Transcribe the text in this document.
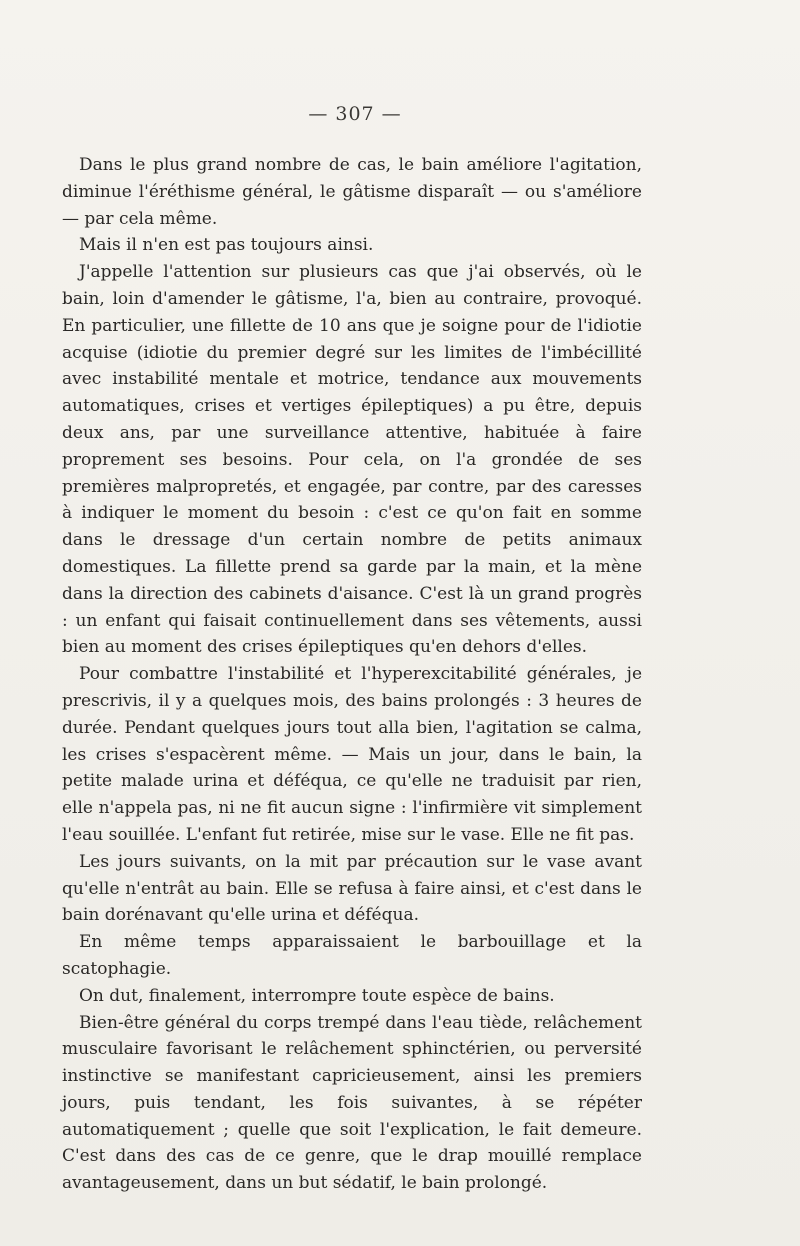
— 307 —

Dans le plus grand nombre de cas, le bain améliore l'agitation, diminue l'éréthisme général, le gâtisme disparaît — ou s'améliore — par cela même.

Mais il n'en est pas toujours ainsi.

J'appelle l'attention sur plusieurs cas que j'ai observés, où le bain, loin d'amender le gâtisme, l'a, bien au contraire, provoqué. En particulier, une fillette de 10 ans que je soigne pour de l'idiotie acquise (idiotie du premier degré sur les limites de l'imbécillité avec instabilité mentale et motrice, tendance aux mouvements automatiques, crises et vertiges épileptiques) a pu être, depuis deux ans, par une surveillance attentive, habituée à faire proprement ses besoins. Pour cela, on l'a grondée de ses premières malpropretés, et engagée, par contre, par des caresses à indiquer le moment du besoin : c'est ce qu'on fait en somme dans le dressage d'un certain nombre de petits animaux domestiques. La fillette prend sa garde par la main, et la mène dans la direction des cabinets d'aisance. C'est là un grand progrès : un enfant qui faisait continuellement dans ses vêtements, aussi bien au moment des crises épileptiques qu'en dehors d'elles.

Pour combattre l'instabilité et l'hyperexcitabilité générales, je prescrivis, il y a quelques mois, des bains prolongés : 3 heures de durée. Pendant quelques jours tout alla bien, l'agitation se calma, les crises s'espacèrent même. — Mais un jour, dans le bain, la petite malade urina et déféqua, ce qu'elle ne traduisit par rien, elle n'appela pas, ni ne fit aucun signe : l'infirmière vit simplement l'eau souillée. L'enfant fut retirée, mise sur le vase. Elle ne fit pas.

Les jours suivants, on la mit par précaution sur le vase avant qu'elle n'entrât au bain. Elle se refusa à faire ainsi, et c'est dans le bain dorénavant qu'elle urina et déféqua.

En même temps apparaissaient le barbouillage et la scatophagie.

On dut, finalement, interrompre toute espèce de bains.

Bien-être général du corps trempé dans l'eau tiède, relâchement musculaire favorisant le relâchement sphinctérien, ou perversité instinctive se manifestant capricieusement, ainsi les premiers jours, puis tendant, les fois suivantes, à se répéter automatiquement ; quelle que soit l'explication, le fait demeure. C'est dans des cas de ce genre, que le drap mouillé remplace avantageusement, dans un but sédatif, le bain prolongé.
